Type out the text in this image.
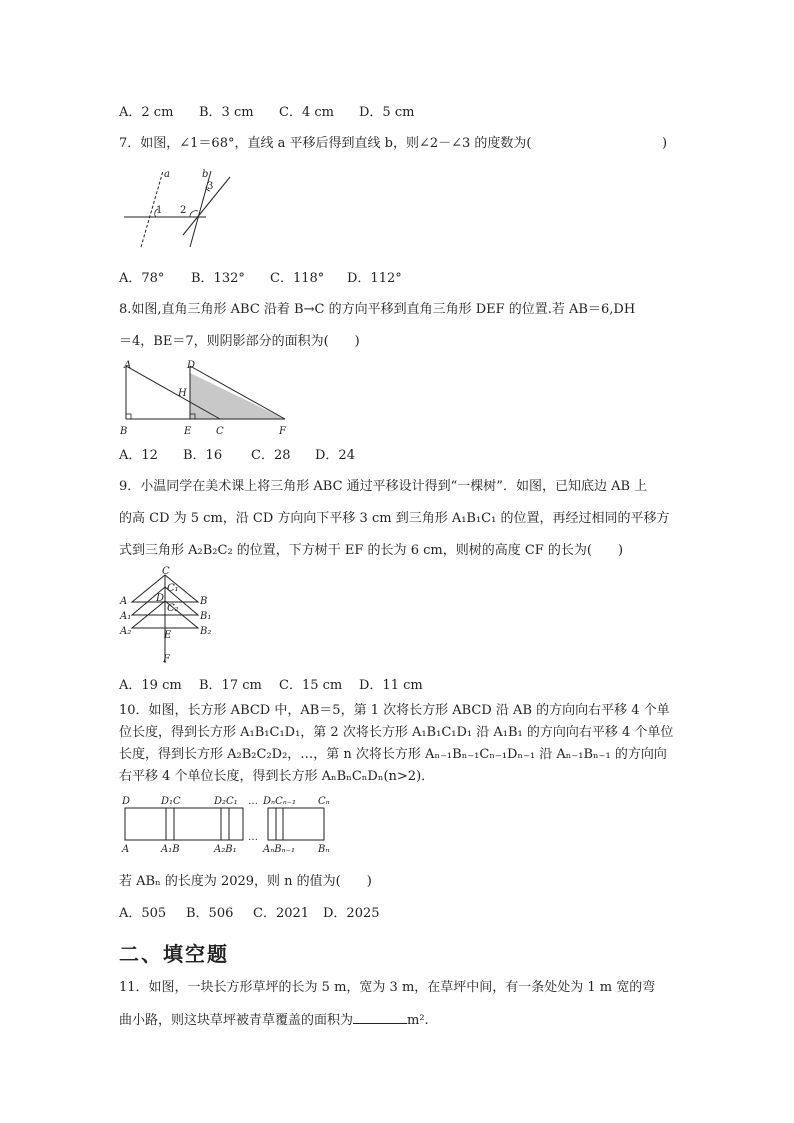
A．2 cm B．3 cm C．4 cm D．5 cm
7．如图，∠1＝68°，直线 a 平移后得到直线 b，则∠2－∠3 的度数为(	)
a	b
1 2
3
A．78° B．132° C．118° D．112°
8.如图,直角三角形 ABC 沿着 B→C 的方向平移到直角三角形 DEF 的位置.若 AB＝6,DH
＝4，BE＝7，则阴影部分的面积为(　　)
A	D
H
B	E C	F
A．12 B．16 C．28 D．24
9．小温同学在美术课上将三角形 ABC 通过平移设计得到“一棵树”．如图，已知底边 AB 上
的高 CD 为 5 cm，沿 CD 方向向下平移 3 cm 到三角形 A₁B₁C₁ 的位置，再经过相同的平移方
式到三角形 A₂B₂C₂ 的位置，下方树干 EF 的长为 6 cm，则树的高度 CF 的长为(　　)
C
C₁
C₂
D
A	B
A₁	B₁
A₂	B₂
E
F
A．19 cm B．17 cm C．15 cm D．11 cm
10．如图，长方形 ABCD 中，AB＝5，第 1 次将长方形 ABCD 沿 AB 的方向向右平移 4 个单
位长度，得到长方形 A₁B₁C₁D₁，第 2 次将长方形 A₁B₁C₁D₁ 沿 A₁B₁ 的方向向右平移 4 个单位
长度，得到长方形 A₂B₂C₂D₂，…，第 n 次将长方形 Aₙ₋₁Bₙ₋₁Cₙ₋₁Dₙ₋₁ 沿 Aₙ₋₁Bₙ₋₁ 的方向向
右平移 4 个单位长度，得到长方形 AₙBₙCₙDₙ(n>2)．
D	D₁C	D₂C₁ … DₙCₙ₋₁ Cₙ
…
A	A₁B	A₂B₁	AₙBₙ₋₁ Bₙ
若 ABₙ 的长度为 2029，则 n 的值为(　　)
A．505 B．506 C．2021 D．2025
二、填空题
11．如图，一块长方形草坪的长为 5 m，宽为 3 m，在草坪中间，有一条处处为 1 m 宽的弯
曲小路，则这块草坪被青草覆盖的面积为	m².
